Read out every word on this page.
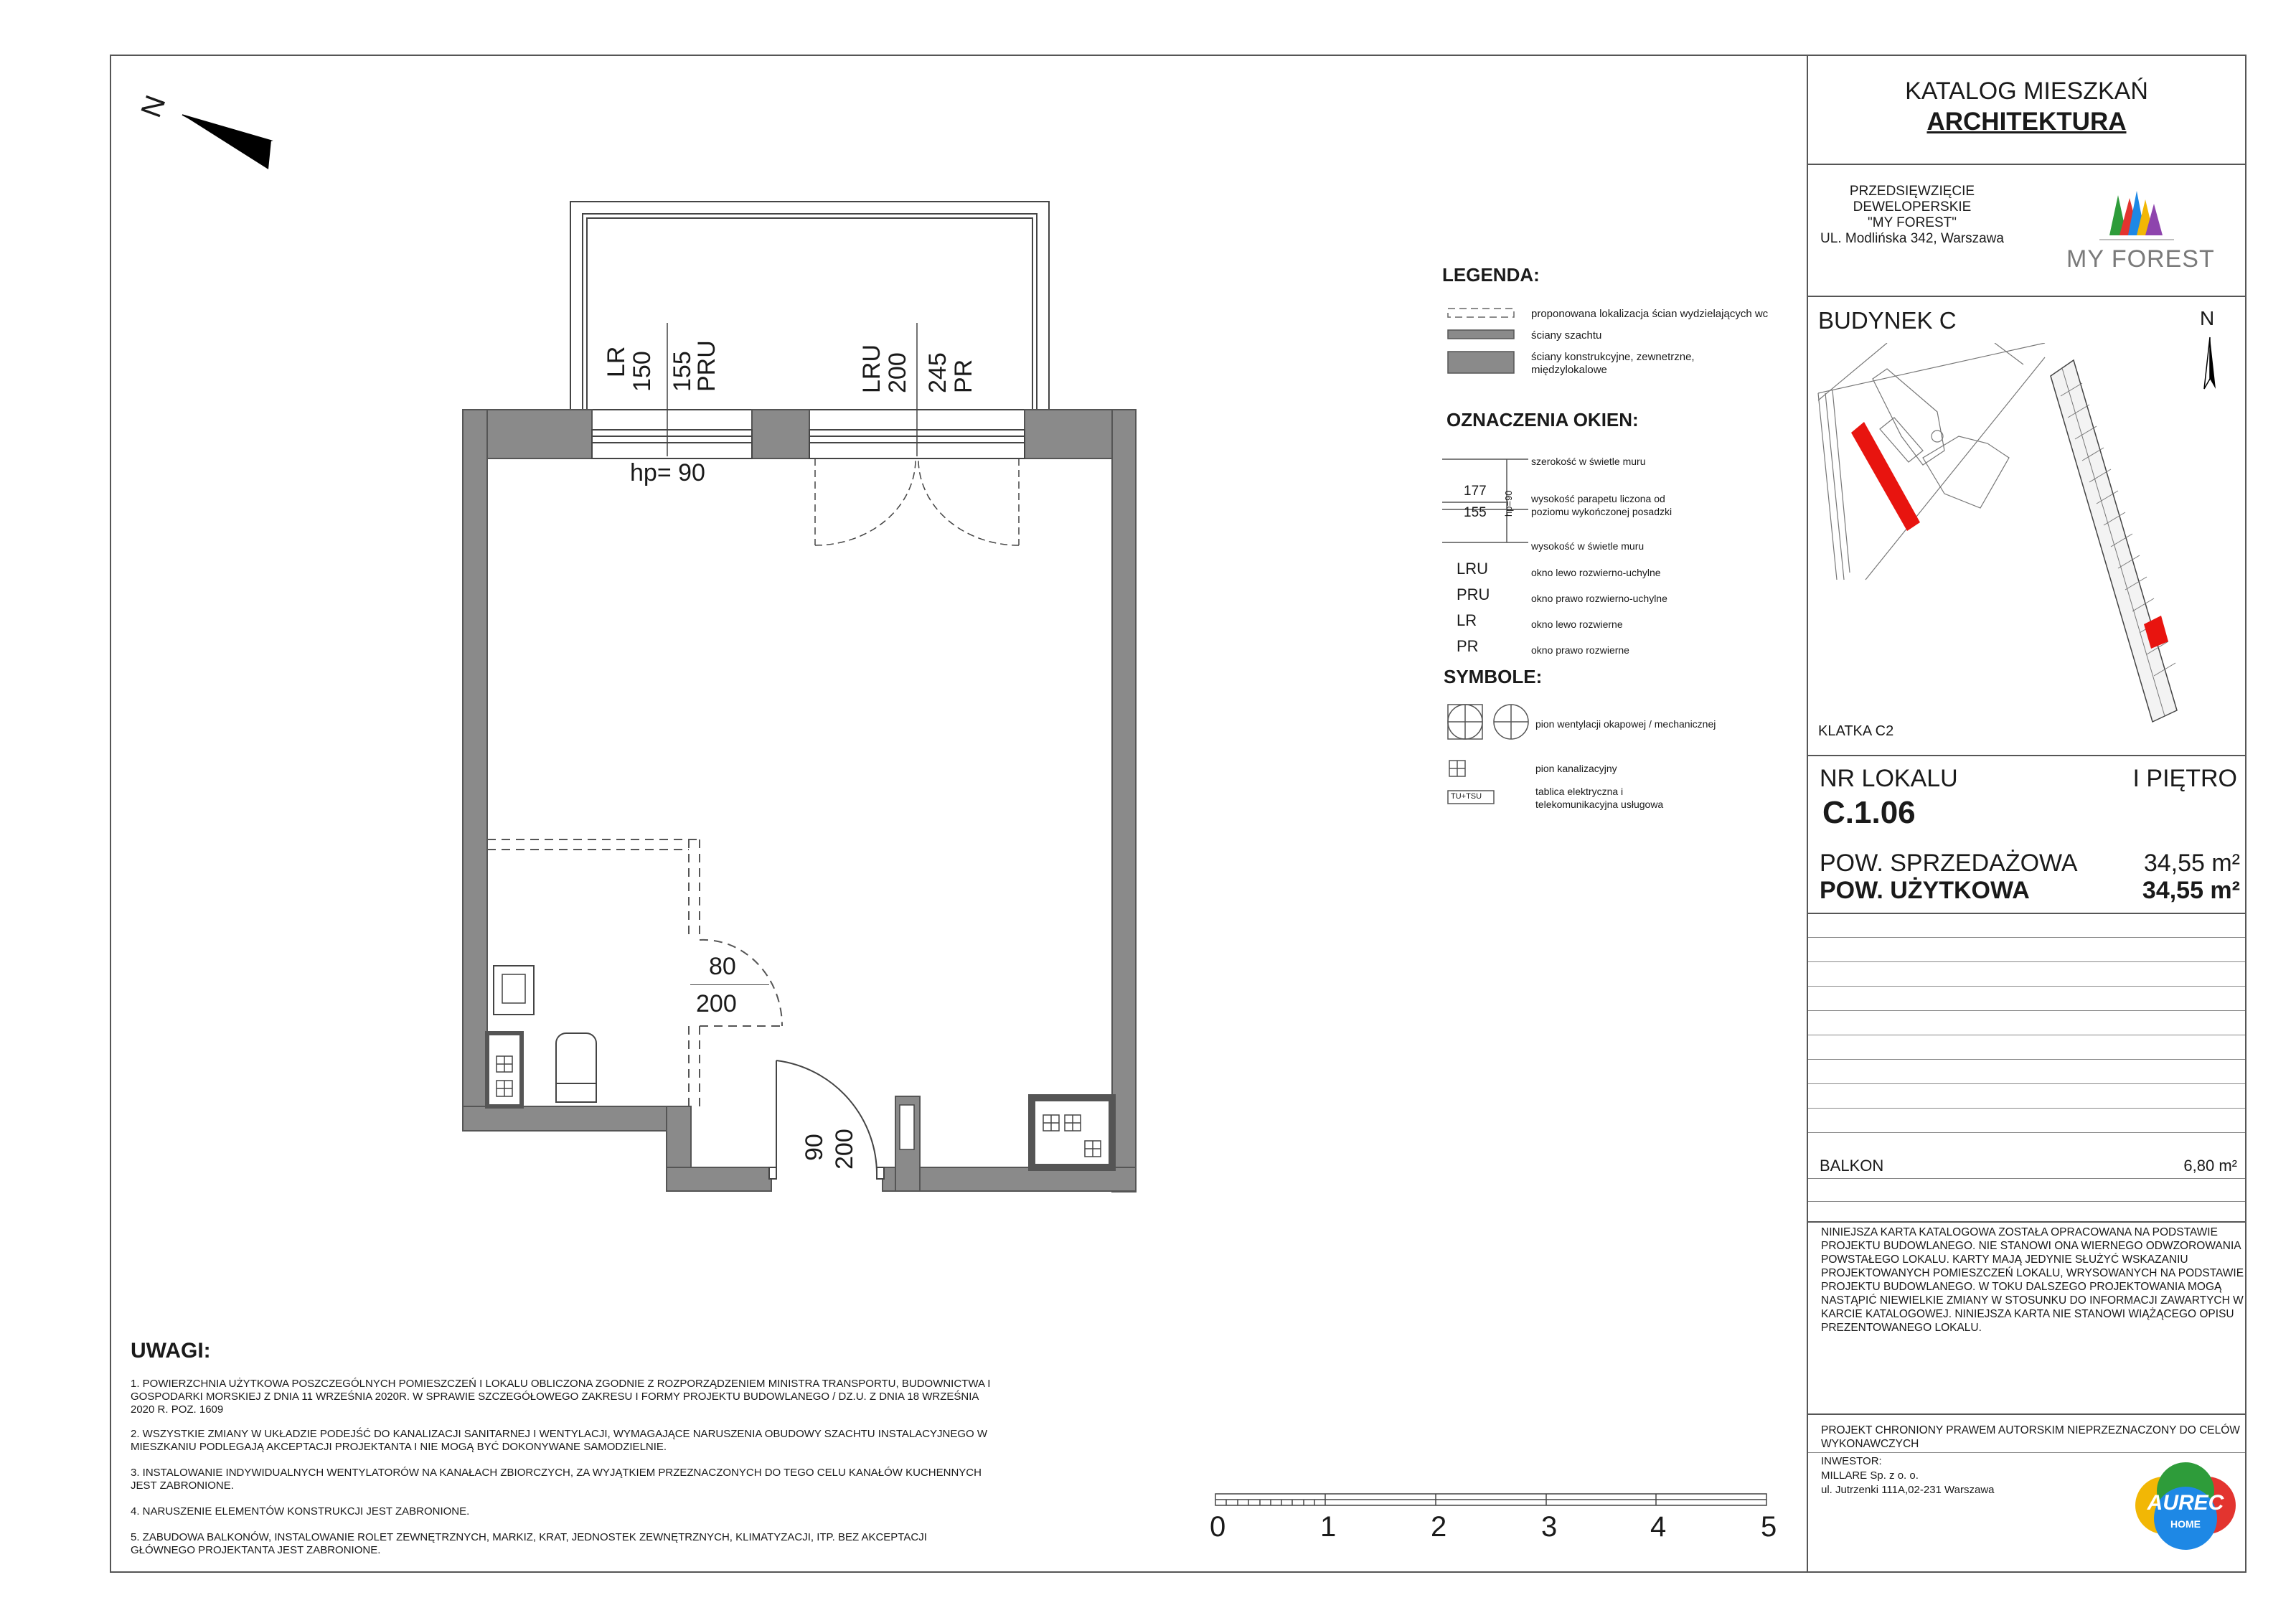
KATALOG MIESZKAŃ
ARCHITEKTURA
PRZEDSIĘWZIĘCIE
DEWELOPERSKIE
"MY FOREST"
UL. Modlińska 342, Warszawa
MY FOREST
BUDYNEK C	N
KLATKA C2
NR LOKALU	I PIĘTRO
C.1.06
POW. SPRZEDAŻOWA	34,55 m²
POW. UŻYTKOWA	34,55 m²
BALKON	6,80 m²
NINIEJSZA KARTA KATALOGOWA ZOSTAŁA OPRACOWANA NA PODSTAWIE PROJEKTU BUDOWLANEGO. NIE STANOWI ONA WIERNEGO ODWZOROWANIA POWSTAŁEGO LOKALU. KARTY MAJĄ JEDYNIE SŁUŻYĆ WSKAZANIU PROJEKTOWANYCH POMIESZCZEŃ LOKALU, WRYSOWANYCH NA PODSTAWIE PROJEKTU BUDOWLANEGO. W TOKU DALSZEGO PROJEKTOWANIA MOGĄ NASTĄPIĆ NIEWIELKIE ZMIANY W STOSUNKU DO INFORMACJI ZAWARTYCH W KARCIE KATALOGOWEJ. NINIEJSZA KARTA NIE STANOWI WIĄŻĄCEGO OPISU PREZENTOWANEGO LOKALU.
PROJEKT CHRONIONY PRAWEM AUTORSKIM NIEPRZEZNACZONY DO CELÓW WYKONAWCZYCH
INWESTOR:
MILLARE Sp. z o. o.
ul. Jutrzenki 111A,02-231 Warszawa
AUREC
HOME
N
LR
150 155
PRU
hp= 90
LRU
200 245
PR
80
200
90 200
LEGENDA:
proponowana lokalizacja ścian wydzielających wc
ściany szachtu
ściany konstrukcyjne, zewnetrzne,
międzylokalowe
OZNACZENIA OKIEN:
177
155 hp=90
szerokość w świetle muru
wysokość parapetu liczona od
poziomu wykończonej posadzki
wysokość w świetle muru
LRU	okno lewo rozwierno-uchylne
PRU	okno prawo rozwierno-uchylne
LR	okno lewo rozwierne
PR	okno prawo rozwierne
SYMBOLE:
TU+TSU
pion wentylacji okapowej / mechanicznej
pion kanalizacyjny
tablica elektryczna i
telekomunikacyjna usługowa
0	1	2	3	4	5
UWAGI:
1. POWIERZCHNIA UŻYTKOWA POSZCZEGÓLNYCH POMIESZCZEŃ I LOKALU OBLICZONA ZGODNIE Z ROZPORZĄDZENIEM MINISTRA TRANSPORTU, BUDOWNICTWA I GOSPODARKI MORSKIEJ Z DNIA 11 WRZEŚNIA 2020R. W SPRAWIE SZCZEGÓŁOWEGO ZAKRESU I FORMY PROJEKTU BUDOWLANEGO / DZ.U. Z DNIA 18 WRZEŚNIA 2020 R. POZ. 1609
2. WSZYSTKIE ZMIANY W UKŁADZIE PODEJŚĆ DO KANALIZACJI SANITARNEJ I WENTYLACJI, WYMAGAJĄCE NARUSZENIA OBUDOWY SZACHTU INSTALACYJNEGO W MIESZKANIU PODLEGAJĄ AKCEPTACJI PROJEKTANTA I NIE MOGĄ BYĆ DOKONYWANE SAMODZIELNIE.
3. INSTALOWANIE INDYWIDUALNYCH WENTYLATORÓW NA KANAŁACH ZBIORCZYCH, ZA WYJĄTKIEM PRZEZNACZONYCH DO TEGO CELU KANAŁÓW KUCHENNYCH JEST ZABRONIONE.
4. NARUSZENIE ELEMENTÓW KONSTRUKCJI JEST ZABRONIONE.
5. ZABUDOWA BALKONÓW, INSTALOWANIE ROLET ZEWNĘTRZNYCH, MARKIZ, KRAT, JEDNOSTEK ZEWNĘTRZNYCH, KLIMATYZACJI, ITP. BEZ AKCEPTACJI GŁÓWNEGO PROJEKTANTA JEST ZABRONIONE.
